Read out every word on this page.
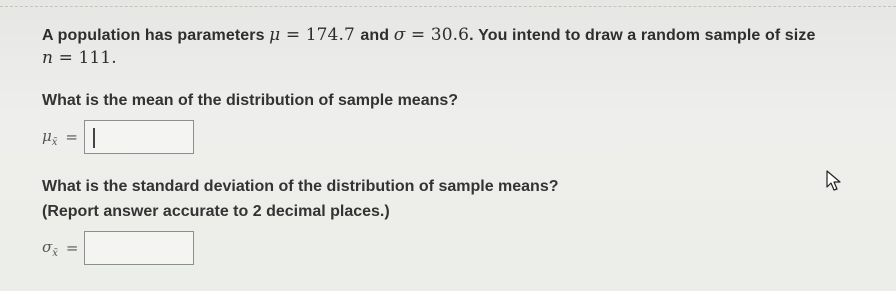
A population has parameters μ = 174.7 and σ = 30.6. You intend to draw a random sample of size
n = 111.
What is the mean of the distribution of sample means?
$\mu_{x̄}$ =
What is the standard deviation of the distribution of sample means?
(Report answer accurate to 2 decimal places.)
$\sigma_{x̄}$ =
